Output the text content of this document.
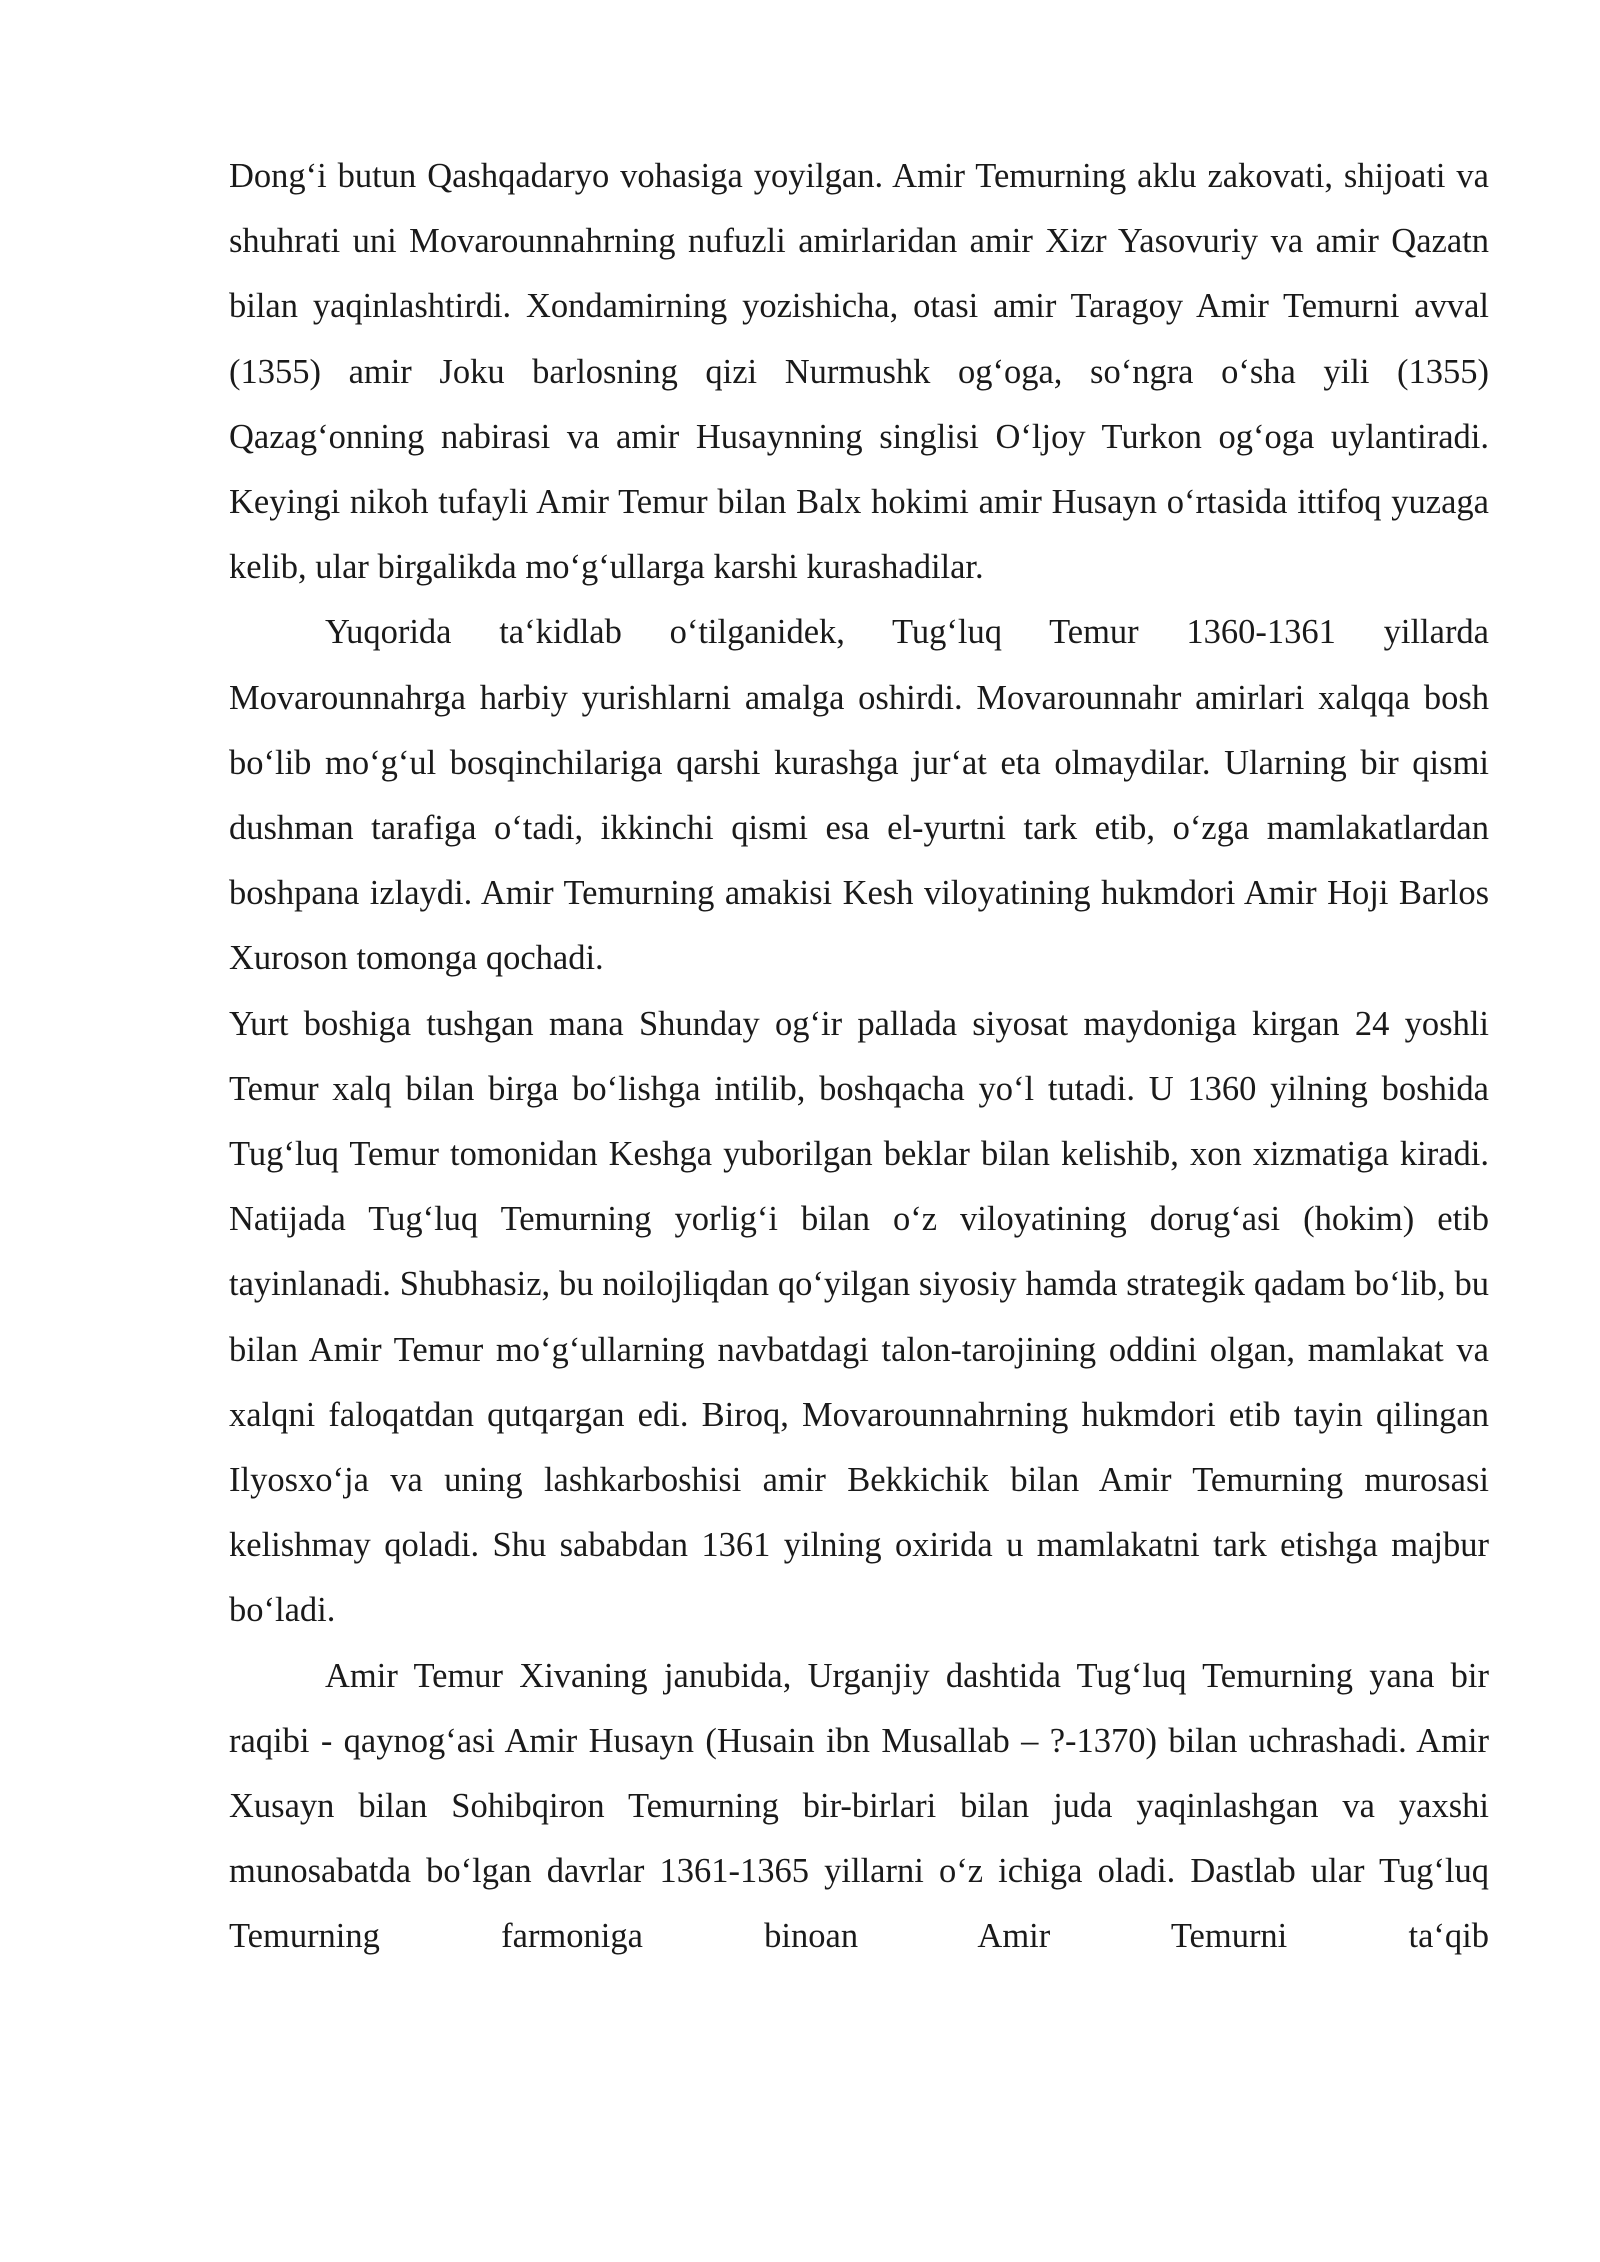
Dong‘i butun Qashqadaryo vohasiga yoyilgan. Amir Temurning aklu zakovati, shijoati va shuhrati uni Movarounnahrning nufuzli amirlaridan amir Xizr Yasovuriy va amir Qazatn bilan yaqinlashtirdi. Xondamirning yozishicha, otasi amir Taragoy Amir Temurni avval (1355) amir Joku barlosning qizi Nurmushk og‘oga, so‘ngra o‘sha yili (1355) Qazag‘onning nabirasi va amir Husaynning singlisi O‘ljoy Turkon og‘oga uylantiradi. Keyingi nikoh tufayli Amir Temur bilan Balx hokimi amir Husayn o‘rtasida ittifoq yuzaga kelib, ular birgalikda mo‘g‘ullarga karshi kurashadilar.

Yuqorida ta‘kidlab o‘tilganidek, Tug‘luq Temur 1360-1361 yillarda Movarounnahrga harbiy yurishlarni amalga oshirdi. Movarounnahr amirlari xalqqa bosh bo‘lib mo‘g‘ul bosqinchilariga qarshi kurashga jur‘at eta olmaydilar. Ularning bir qismi dushman tarafiga o‘tadi, ikkinchi qismi esa el-yurtni tark etib, o‘zga mamlakatlardan boshpana izlaydi. Amir Temurning amakisi Kesh viloyatining hukmdori Amir Hoji Barlos Xuroson tomonga qochadi.

Yurt boshiga tushgan mana Shunday og‘ir pallada siyosat maydoniga kirgan 24 yoshli Temur xalq bilan birga bo‘lishga intilib, boshqacha yo‘l tutadi. U 1360 yilning boshida Tug‘luq Temur tomonidan Keshga yuborilgan beklar bilan kelishib, xon xizmatiga kiradi. Natijada Tug‘luq Temurning yorlig‘i bilan o‘z viloyatining dorug‘asi (hokim) etib tayinlanadi. Shubhasiz, bu noilojliqdan qo‘yilgan siyosiy hamda strategik qadam bo‘lib, bu bilan Amir Temur mo‘g‘ullarning navbatdagi talon-tarojining oddini olgan, mamlakat va xalqni faloqatdan qutqargan edi. Biroq, Movarounnahrning hukmdori etib tayin qilingan Ilyosxo‘ja va uning lashkarboshisi amir Bekkichik bilan Amir Temurning murosasi kelishmay qoladi. Shu sababdan 1361 yilning oxirida u mamlakatni tark etishga majbur bo‘ladi.

Amir Temur Xivaning janubida, Urganjiy dashtida Tug‘luq Temurning yana bir raqibi - qaynog‘asi Amir Husayn (Husain ibn Musallab – ?-1370) bilan uchrashadi. Amir Xusayn bilan Sohibqiron Temurning bir-birlari bilan juda yaqinlashgan va yaxshi munosabatda bo‘lgan davrlar 1361-1365 yillarni o‘z ichiga oladi. Dastlab ular Tug‘luq Temurning farmoniga binoan Amir Temurni ta‘qib
